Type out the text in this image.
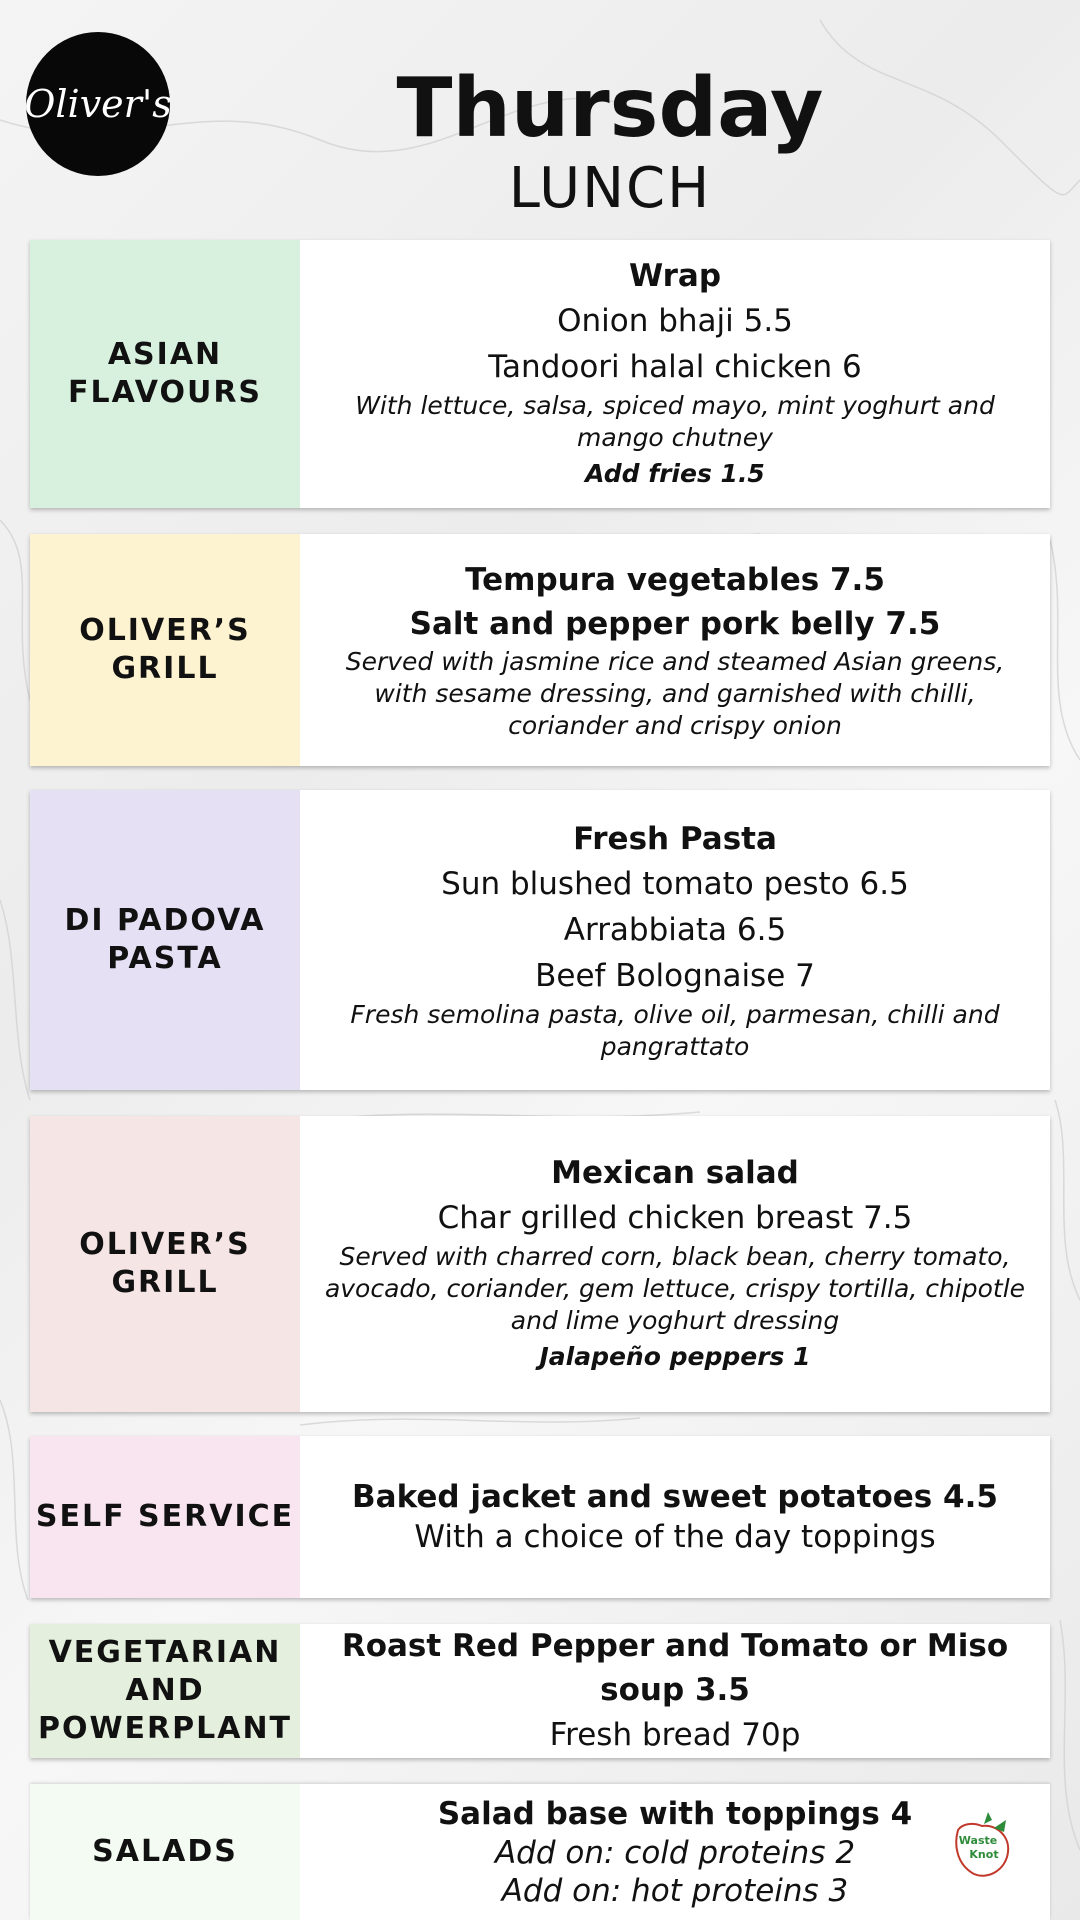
Oliver's	Thursday
LUNCH
ASIAN
FLAVOURS
Wrap
Onion bhaji 5.5
Tandoori halal chicken 6
With lettuce, salsa, spiced mayo, mint yoghurt and mango chutney
Add fries 1.5
OLIVER’S GRILL
Tempura vegetables 7.5
Salt and pepper pork belly 7.5
Served with jasmine rice and steamed Asian greens, with sesame dressing, and garnished with chilli, coriander and crispy onion
DI PADOVA
PASTA
Fresh Pasta
Sun blushed tomato pesto 6.5
Arrabbiata 6.5
Beef Bolognaise 7
Fresh semolina pasta, olive oil, parmesan, chilli and pangrattato
OLIVER’S GRILL
Mexican salad
Char grilled chicken breast 7.5
Served with charred corn, black bean, cherry tomato, avocado, coriander, gem lettuce, crispy tortilla, chipotle and lime yoghurt dressing
Jalapeño peppers 1
SELF SERVICE
Baked jacket and sweet potatoes 4.5
With a choice of the day toppings
VEGETARIAN
AND
POWERPLANT
Roast Red Pepper and Tomato or Miso soup 3.5
Fresh bread 70p
SALADS
Salad base with toppings 4
Add on: cold proteins 2
Add on: hot proteins 3
Waste
Knot
